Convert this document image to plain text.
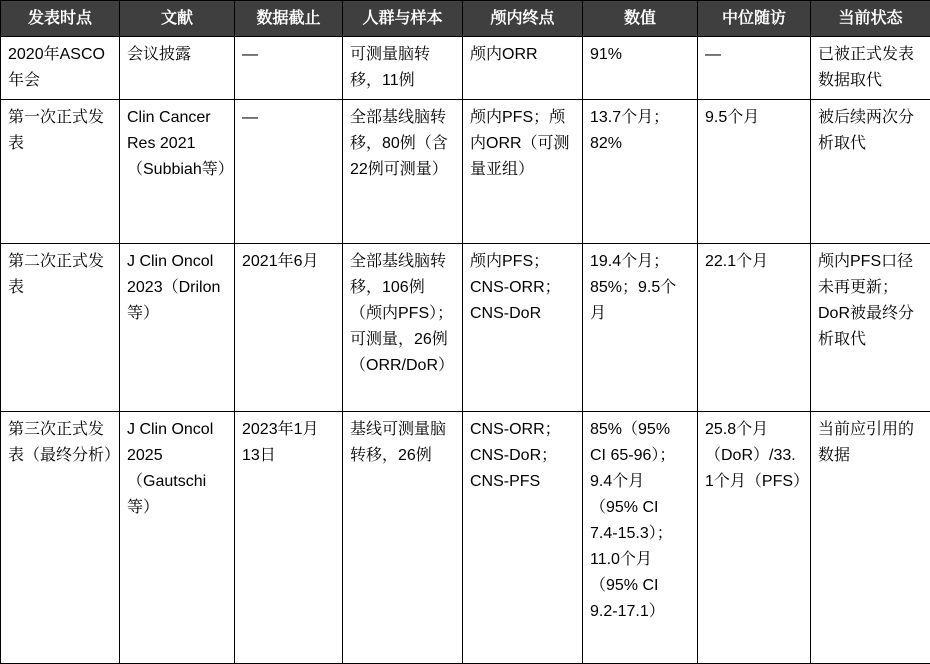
发表时点	文献	数据截止	人群与样本	颅内终点	数值	中位随访	当前状态
2020年ASCO年会	会议披露	—	可测量脑转移，11例	颅内ORR	91%	—	已被正式发表数据取代
第一次正式发表	Clin Cancer Res 2021（Subbiah等）	—	全部基线脑转移，80例（含22例可测量）	颅内PFS；颅内ORR（可测量亚组）	13.7个月；82%	9.5个月	被后续两次分析取代
第二次正式发表	J Clin Oncol 2023（Drilon等）	2021年6月	全部基线脑转移，106例（颅内PFS）；可测量，26例（ORR/DoR）	颅内PFS；CNS-ORR；CNS-DoR	19.4个月；85%；9.5个月	22.1个月	颅内PFS口径未再更新；DoR被最终分析取代
第三次正式发表（最终分析）	J Clin Oncol 2025（Gautschi等）	2023年1月13日	基线可测量脑转移，26例	CNS-ORR；CNS-DoR；CNS-PFS	85%（95% CI 65-96）；9.4个月（95% CI 7.4-15.3）；11.0个月（95% CI 9.2-17.1）	25.8个月（DoR）/33.1个月（PFS）	当前应引用的数据
